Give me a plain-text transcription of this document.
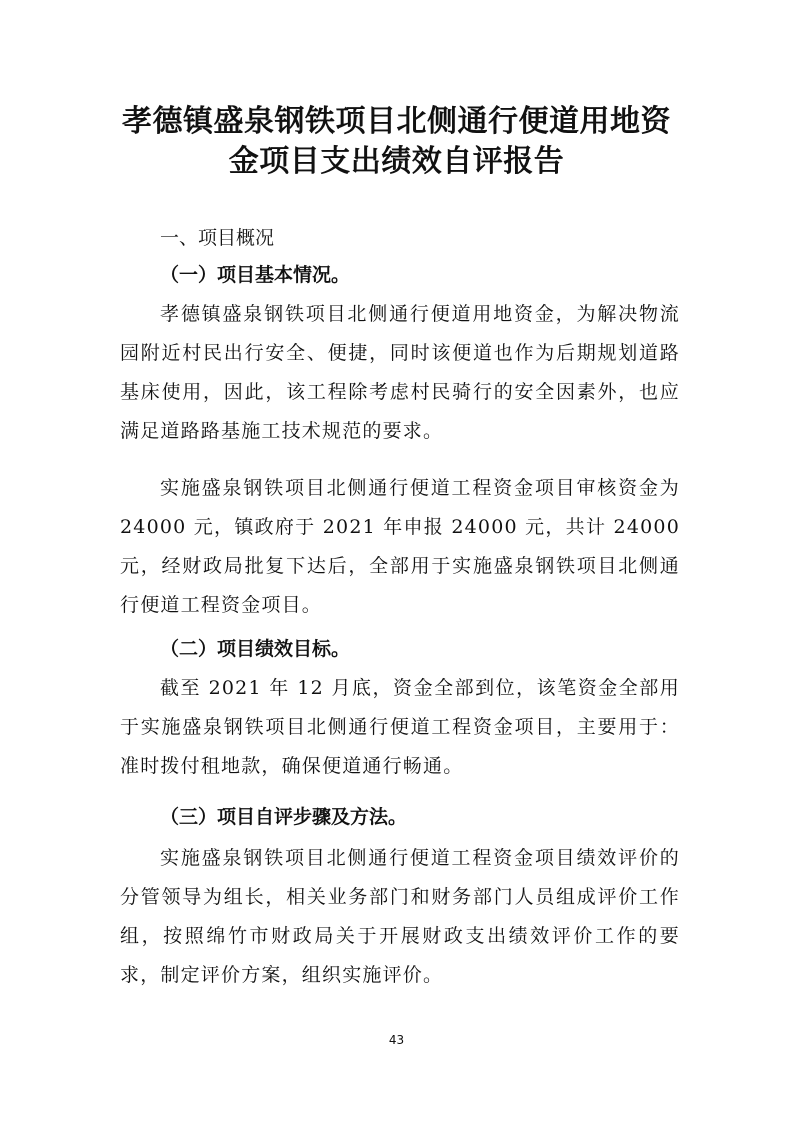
孝德镇盛泉钢铁项目北侧通行便道用地资
金项目支出绩效自评报告

一、项目概况

（一）项目基本情况。

孝德镇盛泉钢铁项目北侧通行便道用地资金，为解决物流园附近村民出行安全、便捷，同时该便道也作为后期规划道路基床使用，因此，该工程除考虑村民骑行的安全因素外，也应满足道路路基施工技术规范的要求。

实施盛泉钢铁项目北侧通行便道工程资金项目审核资金为 24000 元，镇政府于 2021 年申报 24000 元，共计 24000 元，经财政局批复下达后，全部用于实施盛泉钢铁项目北侧通行便道工程资金项目。

（二）项目绩效目标。

截至 2021 年 12 月底，资金全部到位，该笔资金全部用于实施盛泉钢铁项目北侧通行便道工程资金项目，主要用于：准时拨付租地款，确保便道通行畅通。

（三）项目自评步骤及方法。

实施盛泉钢铁项目北侧通行便道工程资金项目绩效评价的分管领导为组长，相关业务部门和财务部门人员组成评价工作组，按照绵竹市财政局关于开展财政支出绩效评价工作的要求，制定评价方案，组织实施评价。

43
